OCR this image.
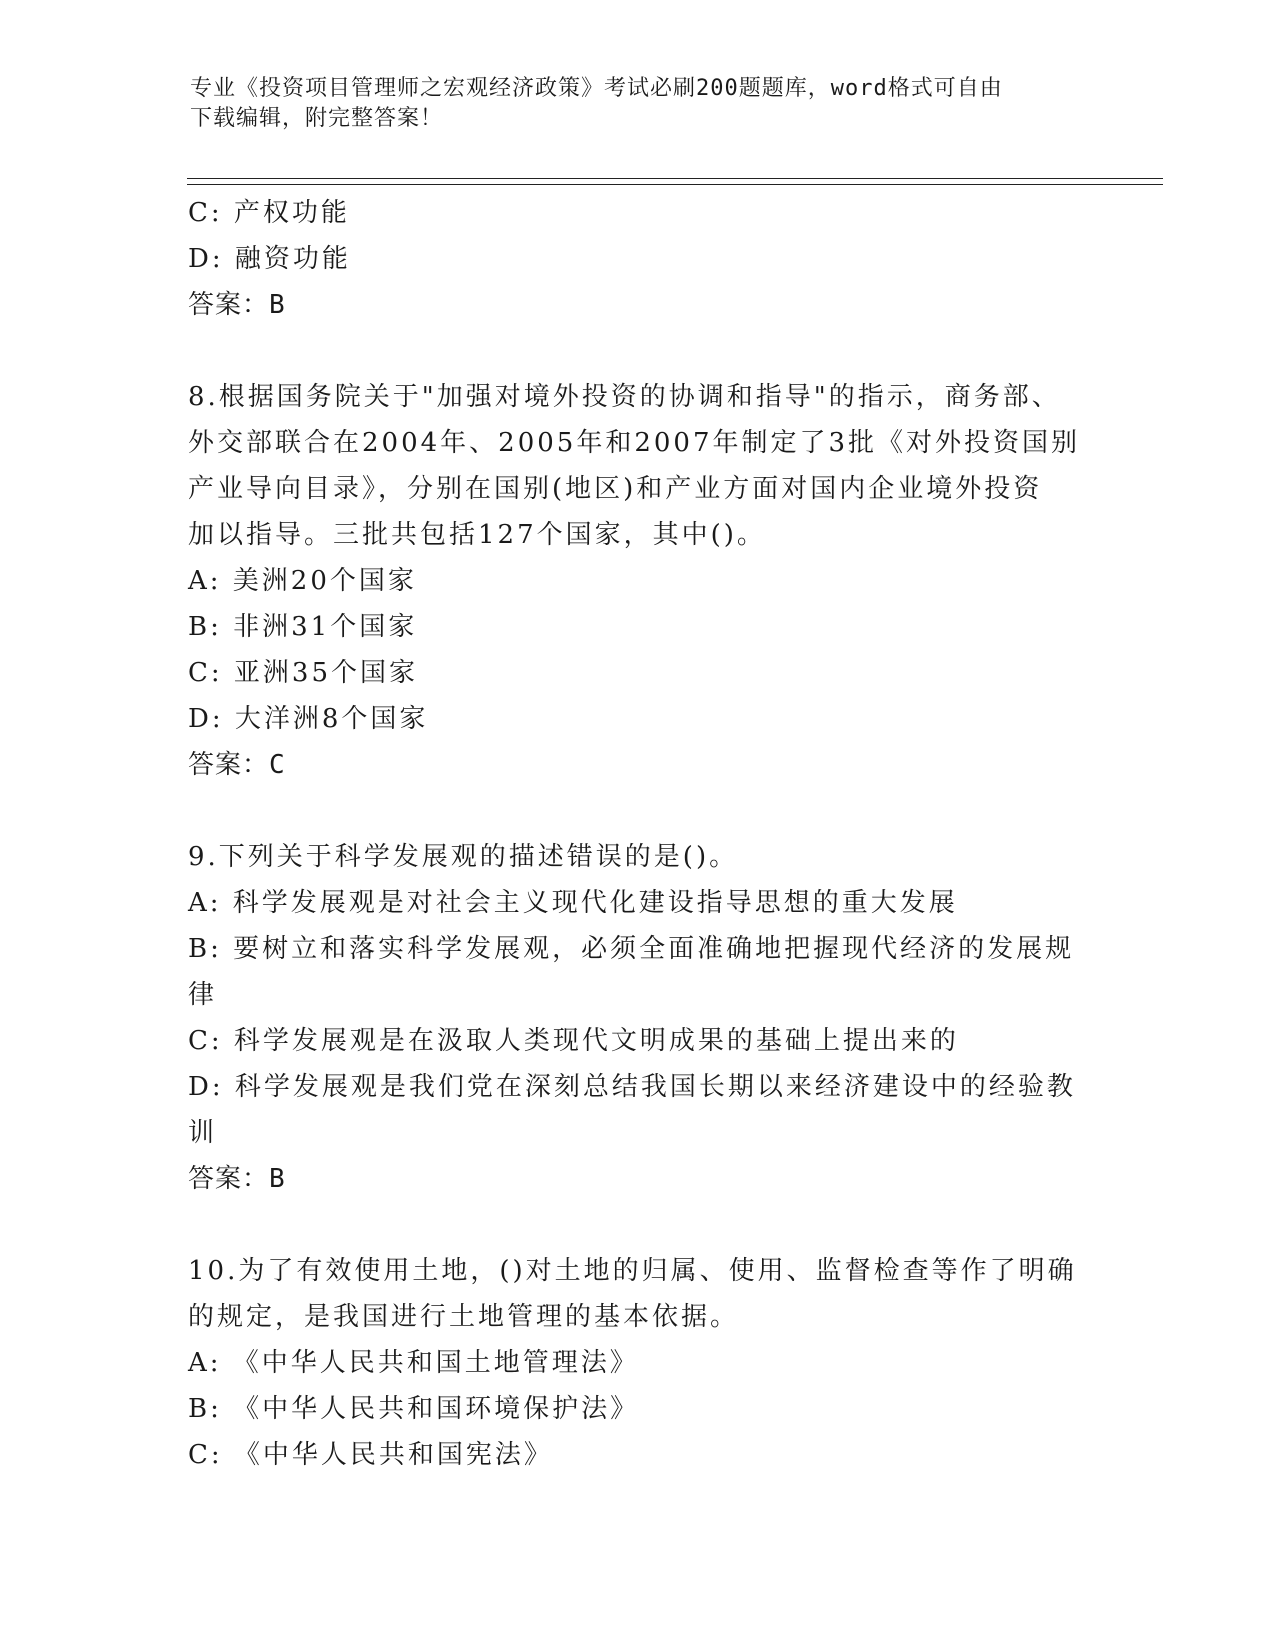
专业《投资项目管理师之宏观经济政策》考试必刷200题题库，word格式可自由
下载编辑，附完整答案！
C: 产权功能
D: 融资功能
答案：B
8.根据国务院关于"加强对境外投资的协调和指导"的指示，商务部、
外交部联合在2004年、2005年和2007年制定了3批《对外投资国别
产业导向目录》，分别在国别(地区)和产业方面对国内企业境外投资
加以指导。三批共包括127个国家，其中()。
A: 美洲20个国家
B: 非洲31个国家
C: 亚洲35个国家
D: 大洋洲8个国家
答案：C
9.下列关于科学发展观的描述错误的是()。
A: 科学发展观是对社会主义现代化建设指导思想的重大发展
B: 要树立和落实科学发展观，必须全面准确地把握现代经济的发展规
律
C: 科学发展观是在汲取人类现代文明成果的基础上提出来的
D: 科学发展观是我们党在深刻总结我国长期以来经济建设中的经验教
训
答案：B
10.为了有效使用土地，()对土地的归属、使用、监督检查等作了明确
的规定，是我国进行土地管理的基本依据。
A: 《中华人民共和国土地管理法》
B: 《中华人民共和国环境保护法》
C: 《中华人民共和国宪法》
